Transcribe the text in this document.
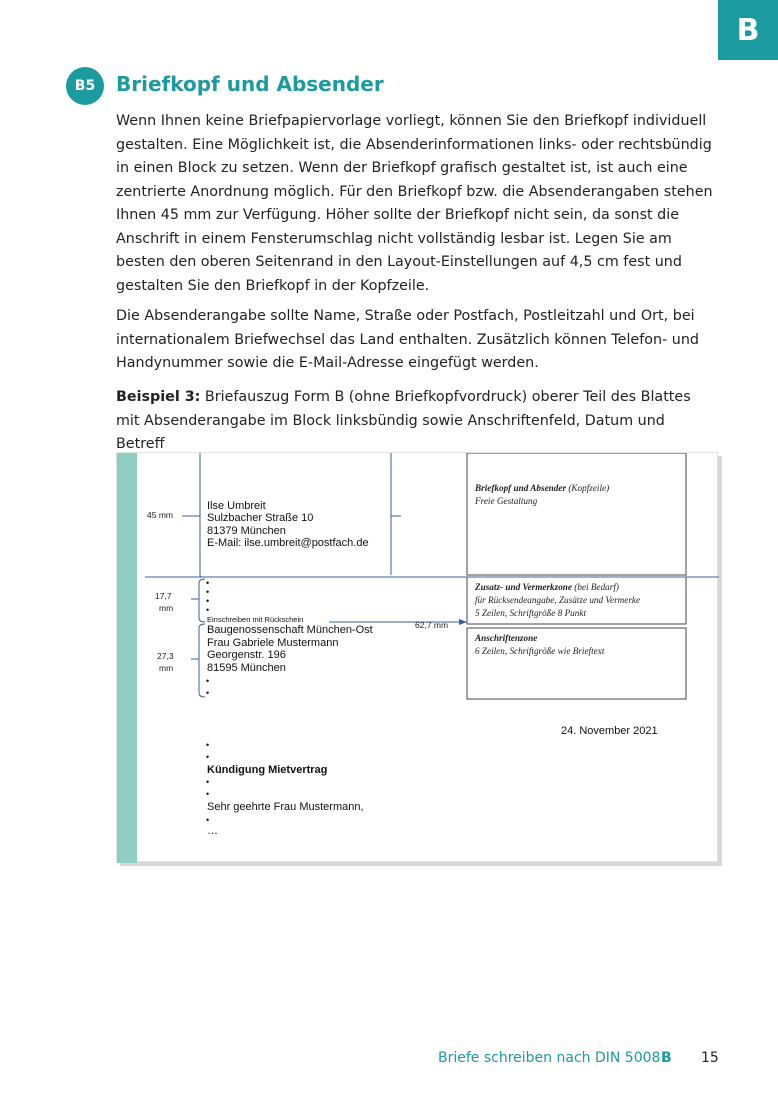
B
B5	Briefkopf und Absender

Wenn Ihnen keine Briefpapiervorlage vorliegt, können Sie den Briefkopf individuell gestalten. Eine Möglichkeit ist, die Absenderinformationen links- oder rechtsbündig in einen Block zu setzen. Wenn der Briefkopf grafisch gestaltet ist, ist auch eine zentrierte Anordnung möglich. Für den Briefkopf bzw. die Absenderangaben stehen Ihnen 45 mm zur Verfügung. Höher sollte der Briefkopf nicht sein, da sonst die Anschrift in einem Fensterumschlag nicht vollständig lesbar ist. Legen Sie am besten den oberen Seitenrand in den Layout-Einstellungen auf 4,5 cm fest und gestalten Sie den Briefkopf in der Kopfzeile.

Die Absenderangabe sollte Name, Straße oder Postfach, Postleitzahl und Ort, bei internationalem Briefwechsel das Land enthalten. Zusätzlich können Telefon- und Handynummer sowie die E-Mail-Adresse eingefügt werden.

Beispiel 3: Briefauszug Form B (ohne Briefkopfvordruck) oberer Teil des Blattes mit Absenderangabe im Block linksbündig sowie Anschriftenfeld, Datum und Betreff

45 mm
17,7
mm
27,3
mm
62,7 mm
Ilse Umbreit
Sulzbacher Straße 10
81379 München
E-Mail: ilse.umbreit@postfach.de
•
•
•
•
Einschreiben mit Rückschein
Baugenossenschaft München-Ost
Frau Gabriele Mustermann
Georgenstr. 196
81595 München
•
•
24. November 2021
•
•
Kündigung Mietvertrag
•
•
Sehr geehrte Frau Mustermann,
•
…
Briefkopf und Absender (Kopfzeile)
Freie Gestaltung
Zusatz- und Vermerkzone (bei Bedarf)
für Rücksendeangabe, Zusätze und Vermerke
5 Zeilen, Schriftgröße 8 Punkt
Anschriftenzone
6 Zeilen, Schriftgröße wie Brieftext
Briefe schreiben nach DIN 5008 B 15
